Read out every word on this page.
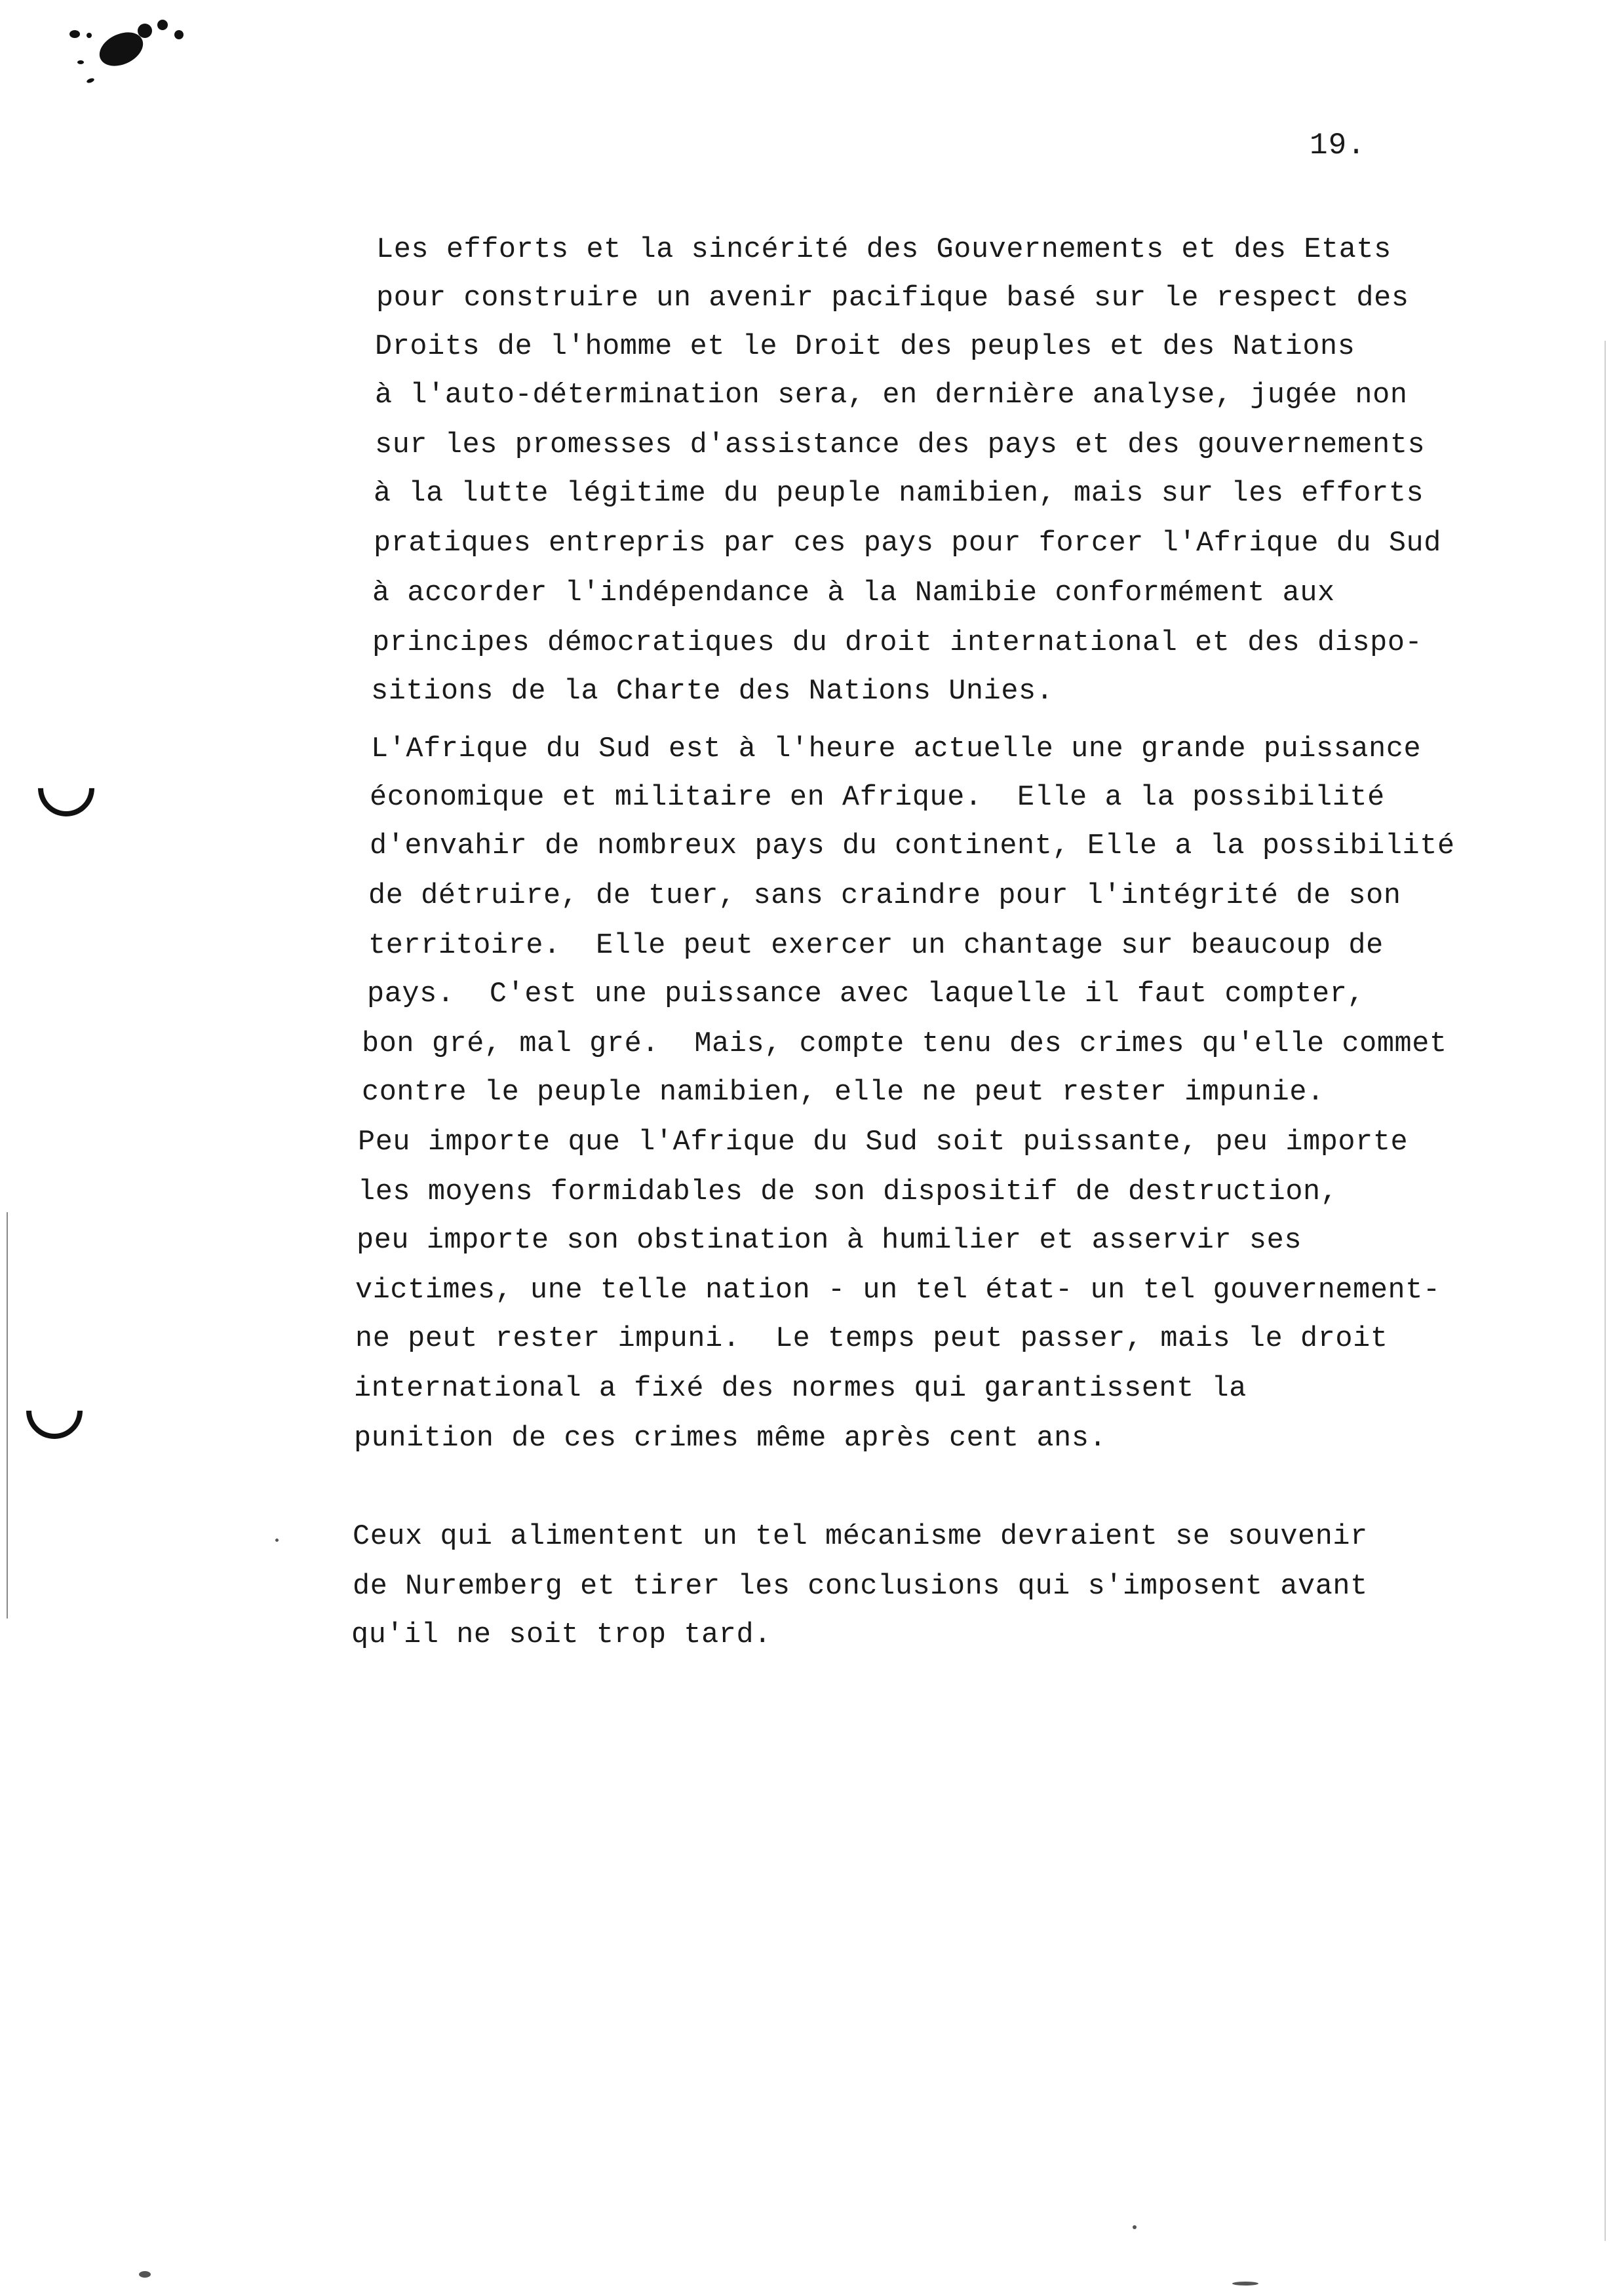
19.
Les efforts et la sincérité des Gouvernements et des Etats
pour construire un avenir pacifique basé sur le respect des
Droits de l'homme et le Droit des peuples et des Nations
à l'auto-détermination sera, en dernière analyse, jugée non
sur les promesses d'assistance des pays et des gouvernements
à la lutte légitime du peuple namibien, mais sur les efforts
pratiques entrepris par ces pays pour forcer l'Afrique du Sud
à accorder l'indépendance à la Namibie conformément aux
principes démocratiques du droit international et des dispo-
sitions de la Charte des Nations Unies.
L'Afrique du Sud est à l'heure actuelle une grande puissance
économique et militaire en Afrique.  Elle a la possibilité
d'envahir de nombreux pays du continent, Elle a la possibilité
de détruire, de tuer, sans craindre pour l'intégrité de son
territoire.  Elle peut exercer un chantage sur beaucoup de
pays.  C'est une puissance avec laquelle il faut compter,
bon gré, mal gré.  Mais, compte tenu des crimes qu'elle commet
contre le peuple namibien, elle ne peut rester impunie.
Peu importe que l'Afrique du Sud soit puissante, peu importe
les moyens formidables de son dispositif de destruction,
peu importe son obstination à humilier et asservir ses
victimes, une telle nation - un tel état- un tel gouvernement-
ne peut rester impuni.  Le temps peut passer, mais le droit
international a fixé des normes qui garantissent la
punition de ces crimes même après cent ans.
Ceux qui alimentent un tel mécanisme devraient se souvenir
de Nuremberg et tirer les conclusions qui s'imposent avant
qu'il ne soit trop tard.
